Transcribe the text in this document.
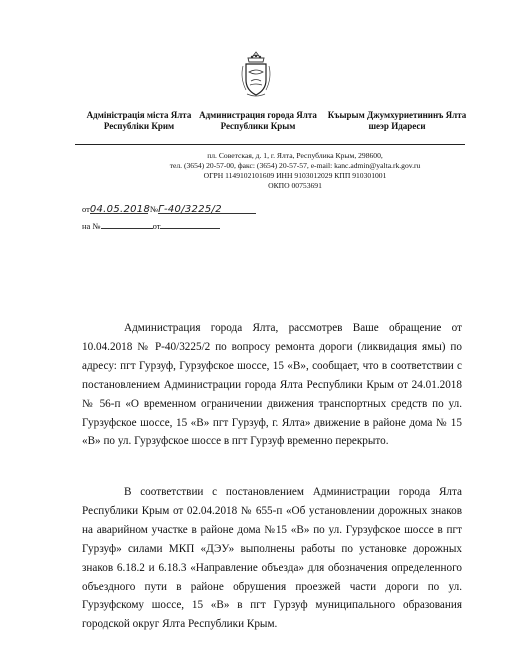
Адміністрація міста Ялта Республіки Крим
Администрация города Ялта Республики Крым
Къырым Джумхуриетининъ Ялта шеэр Идареси
пл. Советская, д. 1, г. Ялта, Республика Крым, 298600,
тел. (3654) 20-57-00, факс: (3654) 20-57-57, e-mail: kanc.admin@yalta.rk.gov.ru
ОГРН 1149102101609 ИНН 9103012029 КПП 910301001
ОКПО 00753691
от04.05.2018 №Г-40/3225/2
на №	от

Администрация города Ялта, рассмотрев Ваше обращение от 10.04.2018 № Р-40/3225/2 по вопросу ремонта дороги (ликвидация ямы) по адресу: пгт Гурзуф, Гурзуфское шоссе, 15 «В», сообщает, что в соответствии с постановлением Администрации города Ялта Республики Крым от 24.01.2018 № 56-п «О временном ограничении движения транспортных средств по ул. Гурзуфское шоссе, 15 «В» пгт Гурзуф, г. Ялта» движение в районе дома № 15 «В» по ул. Гурзуфское шоссе в пгт Гурзуф временно перекрыто.

В соответствии с постановлением Администрации города Ялта Республики Крым от 02.04.2018 № 655-п «Об установлении дорожных знаков на аварийном участке в районе дома №15 «В» по ул. Гурзуфское шоссе в пгт Гурзуф» силами МКП «ДЭУ» выполнены работы по установке дорожных знаков 6.18.2 и 6.18.3 «Направление объезда» для обозначения определенного объездного пути в районе обрушения проезжей части дороги по ул. Гурзуфскому шоссе, 15 «В» в пгт Гурзуф муниципального образования городской округ Ялта Республики Крым.
